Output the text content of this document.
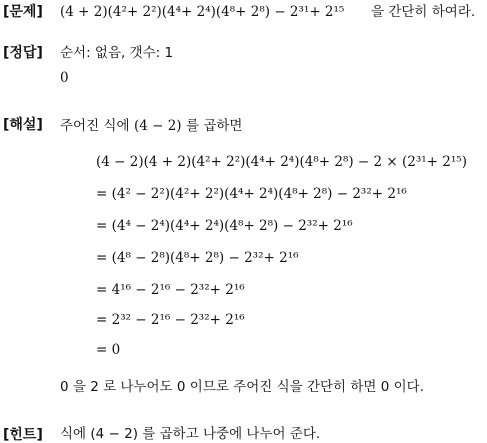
[문제] (4 + 2)(4²+ 2²)(4⁴+ 2⁴)(4⁸+ 2⁸) − 2³¹+ 2¹⁵ 을 간단히 하여라.
[정답] 순서: 없음, 갯수: 1
0
[해설] 주어진 식에 (4 − 2) 를 곱하면
(4 − 2)(4 + 2)(4²+ 2²)(4⁴+ 2⁴)(4⁸+ 2⁸) − 2 × (2³¹+ 2¹⁵)
= (4² − 2²)(4²+ 2²)(4⁴+ 2⁴)(4⁸+ 2⁸) − 2³²+ 2¹⁶
= (4⁴ − 2⁴)(4⁴+ 2⁴)(4⁸+ 2⁸) − 2³²+ 2¹⁶
= (4⁸ − 2⁸)(4⁸+ 2⁸) − 2³²+ 2¹⁶
= 4¹⁶ − 2¹⁶ − 2³²+ 2¹⁶
= 2³² − 2¹⁶ − 2³²+ 2¹⁶
= 0
0 을 2 로 나누어도 0 이므로 주어진 식을 간단히 하면 0 이다.
[힌트] 식에 (4 − 2) 를 곱하고 나중에 나누어 준다.
